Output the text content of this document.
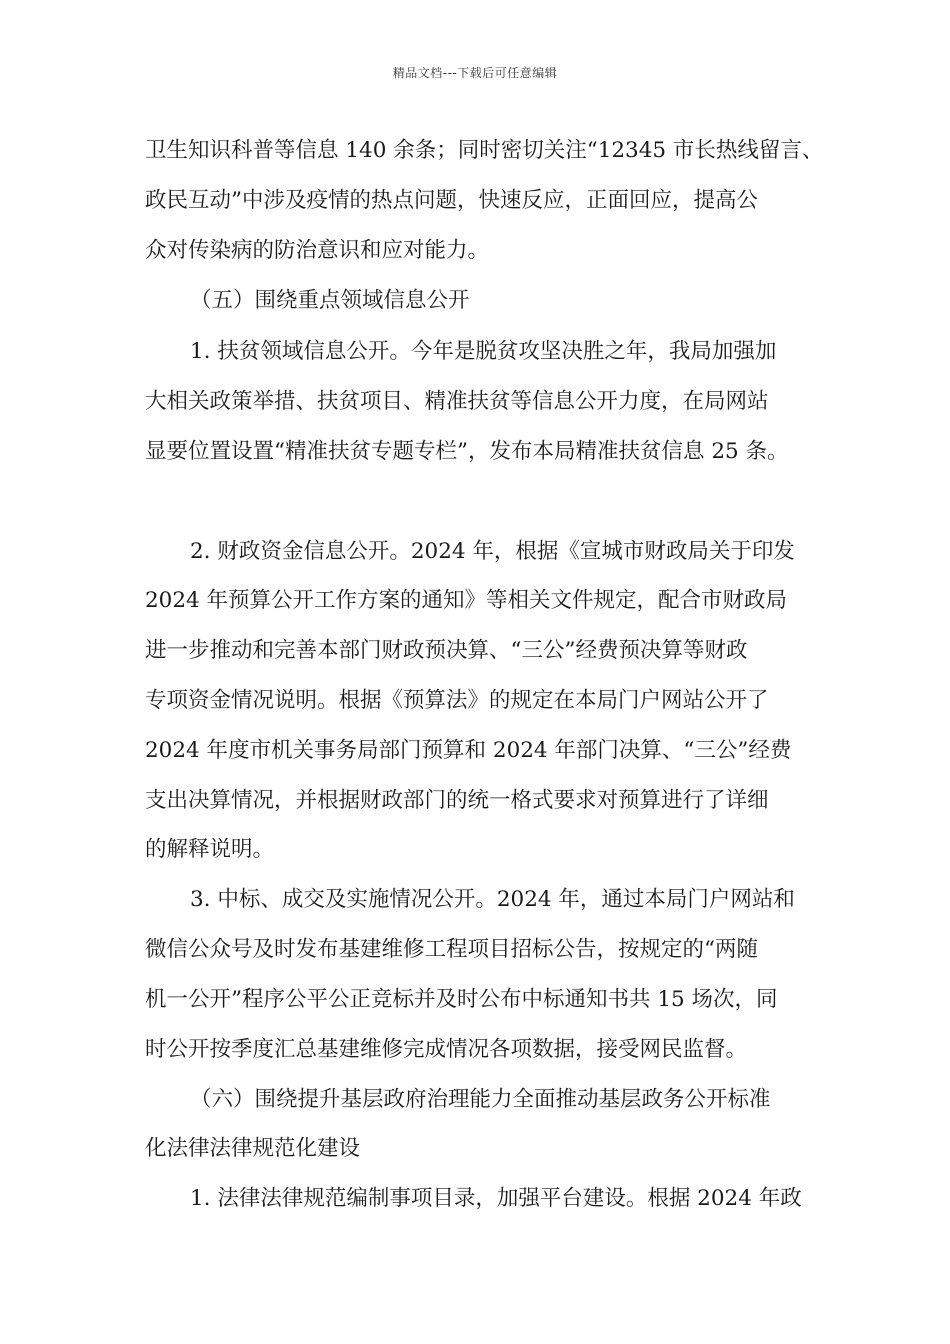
精品文档---下载后可任意编辑
卫生知识科普等信息 140 余条；同时密切关注“12345 市长热线留言、
政民互动”中涉及疫情的热点问题，快速反应，正面回应，提高公
众对传染病的防治意识和应对能力。
（五）围绕重点领域信息公开
1. 扶贫领域信息公开。今年是脱贫攻坚决胜之年，我局加强加
大相关政策举措、扶贫项目、精准扶贫等信息公开力度，在局网站
显要位置设置“精准扶贫专题专栏”，发布本局精准扶贫信息 25 条。
2. 财政资金信息公开。2024 年，根据《宣城市财政局关于印发
2024 年预算公开工作方案的通知》等相关文件规定，配合市财政局
进一步推动和完善本部门财政预决算、“三公”经费预决算等财政
专项资金情况说明。根据《预算法》的规定在本局门户网站公开了
2024 年度市机关事务局部门预算和 2024 年部门决算、“三公”经费
支出决算情况，并根据财政部门的统一格式要求对预算进行了详细
的解释说明。
3. 中标、成交及实施情况公开。2024 年，通过本局门户网站和
微信公众号及时发布基建维修工程项目招标公告，按规定的“两随
机一公开”程序公平公正竞标并及时公布中标通知书共 15 场次，同
时公开按季度汇总基建维修完成情况各项数据，接受网民监督。
（六）围绕提升基层政府治理能力全面推动基层政务公开标准
化法律法律规范化建设
1. 法律法律规范编制事项目录，加强平台建设。根据 2024 年政
